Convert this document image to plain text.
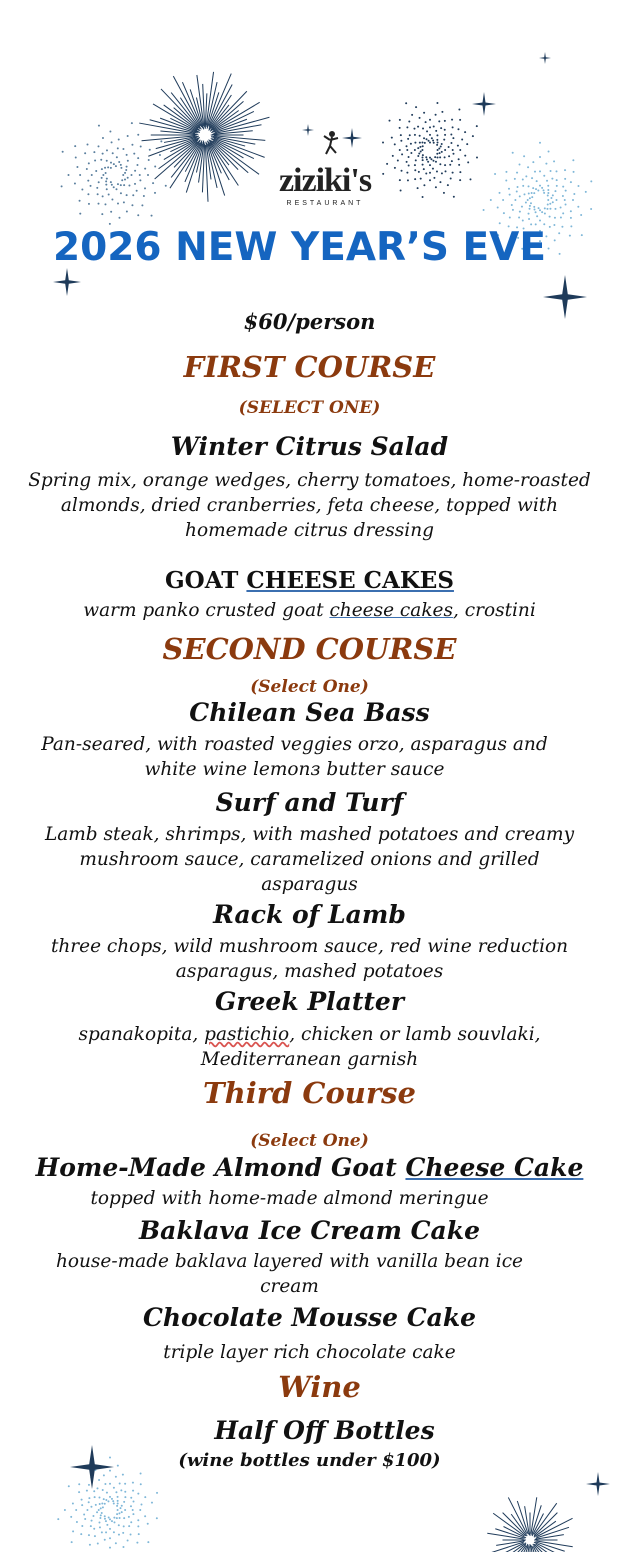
ziziki's
RESTAURANT
2026 NEW YEAR’S EVE
$60/person
FIRST COURSE
(SELECT ONE)
Winter Citrus Salad
Spring mix, orange wedges, cherry tomatoes, home-roasted
almonds, dried cranberries, feta cheese, topped with
homemade citrus dressing
GOAT CHEESE CAKES
warm panko crusted goat cheese cakes, crostini
SECOND COURSE
(Select One)
Chilean Sea Bass
Pan-seared, with roasted veggies orzo, asparagus and
white wine lemonз butter sauce
Surf and Turf
Lamb steak, shrimps, with mashed potatoes and creamy
mushroom sauce, caramelized onions and grilled
asparagus
Rack of Lamb
three chops, wild mushroom sauce, red wine reduction
asparagus, mashed potatoes
Greek Platter
spanakopita, pastichio, chicken or lamb souvlaki,
Mediterranean garnish
Third Course
(Select One)
Home-Made Almond Goat Cheese Cake
topped with home-made almond meringue
Baklava Ice Cream Cake
house-made baklava layered with vanilla bean ice
cream
Chocolate Mousse Cake
triple layer rich chocolate cake
Wine
Half Off Bottles
(wine bottles under $100)
